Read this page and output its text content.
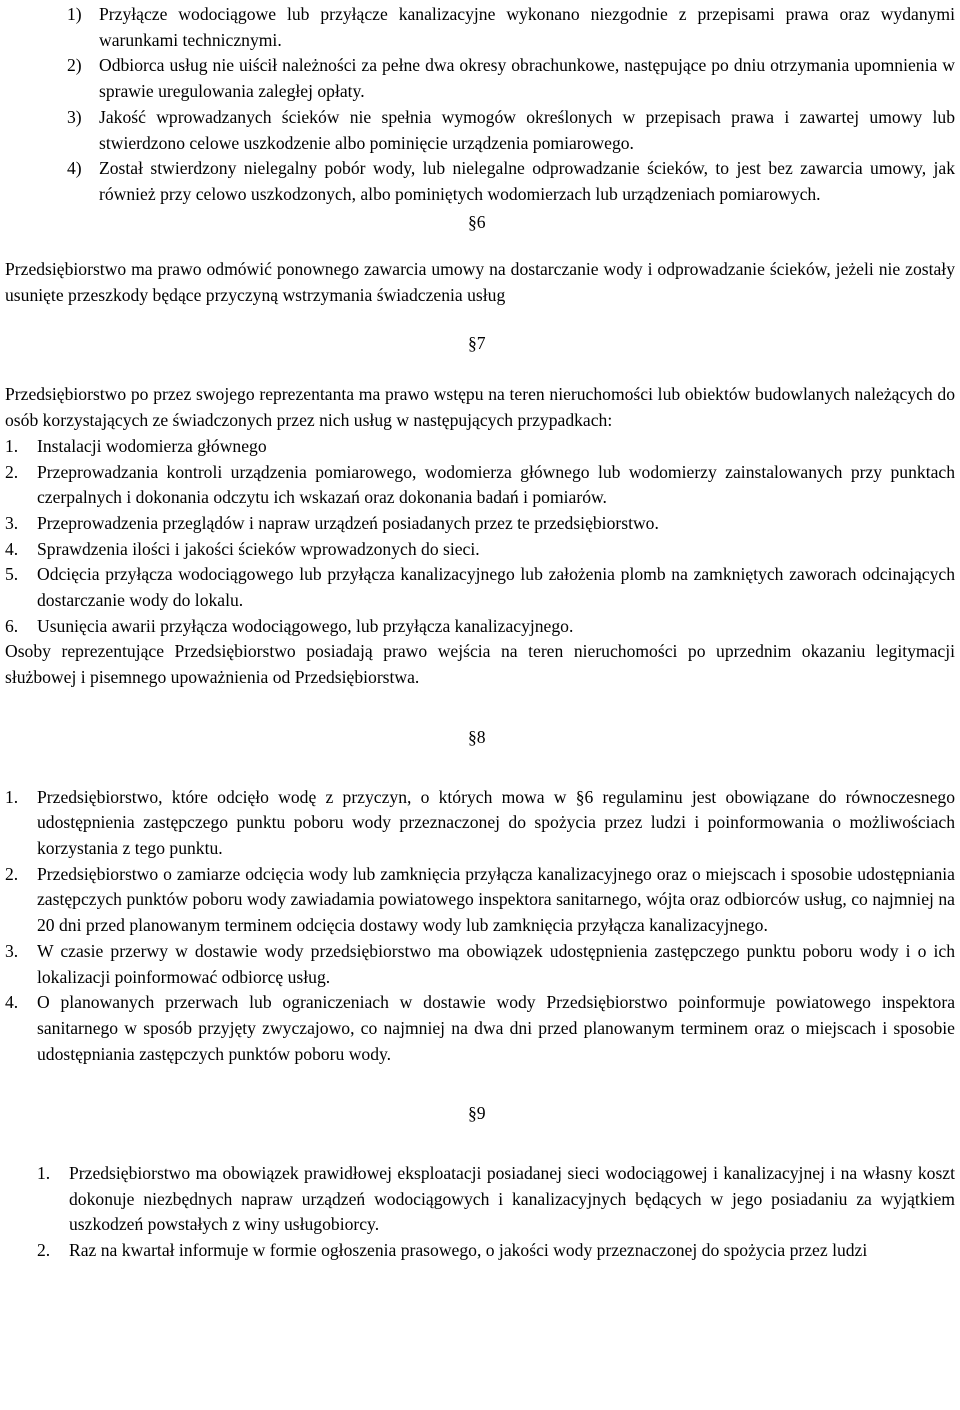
1) Przyłącze wodociągowe lub przyłącze kanalizacyjne wykonano niezgodnie z przepisami prawa oraz wydanymi warunkami technicznymi.
2) Odbiorca usług nie uiścił należności za pełne dwa okresy obrachunkowe, następujące po dniu otrzymania upomnienia w sprawie uregulowania zaległej opłaty.
3) Jakość wprowadzanych ścieków nie spełnia wymogów określonych w przepisach prawa i zawartej umowy lub stwierdzono celowe uszkodzenie albo pominięcie urządzenia pomiarowego.
4) Został stwierdzony nielegalny pobór wody, lub nielegalne odprowadzanie ścieków, to jest bez zawarcia umowy, jak również przy celowo uszkodzonych, albo pominiętych wodomierzach lub urządzeniach pomiarowych.
§6

Przedsiębiorstwo ma prawo odmówić ponownego zawarcia umowy na dostarczanie wody i odprowadzanie ścieków, jeżeli nie zostały usunięte przeszkody będące przyczyną wstrzymania świadczenia usług

§7

Przedsiębiorstwo po przez swojego reprezentanta ma prawo wstępu na teren nieruchomości lub obiektów budowlanych należących do osób korzystających ze świadczonych przez nich usług w następujących przypadkach:

1.	Instalacji wodomierza głównego
2.	Przeprowadzania kontroli urządzenia pomiarowego, wodomierza głównego lub wodomierzy zainstalowanych przy punktach czerpalnych i dokonania odczytu ich wskazań oraz dokonania badań i pomiarów.
3.	Przeprowadzenia przeglądów i napraw urządzeń posiadanych przez te przedsiębiorstwo.
4.	Sprawdzenia ilości i jakości ścieków wprowadzonych do sieci.
5.	Odcięcia przyłącza wodociągowego lub przyłącza kanalizacyjnego lub założenia plomb na zamkniętych zaworach odcinających dostarczanie wody do lokalu.
6.	Usunięcia awarii przyłącza wodociągowego, lub przyłącza kanalizacyjnego.

Osoby reprezentujące Przedsiębiorstwo posiadają prawo wejścia na teren nieruchomości po uprzednim okazaniu legitymacji służbowej i pisemnego upoważnienia od Przedsiębiorstwa.

§8
1.	Przedsiębiorstwo, które odcięło wodę z przyczyn, o których mowa w §6 regulaminu jest obowiązane do równoczesnego udostępnienia zastępczego punktu poboru wody przeznaczonej do spożycia przez ludzi i poinformowania o możliwościach korzystania z tego punktu.
2.	Przedsiębiorstwo o zamiarze odcięcia wody lub zamknięcia przyłącza kanalizacyjnego oraz o miejscach i sposobie udostępniania zastępczych punktów poboru wody zawiadamia powiatowego inspektora sanitarnego, wójta oraz odbiorców usług, co najmniej na 20 dni przed planowanym terminem odcięcia dostawy wody lub zamknięcia przyłącza kanalizacyjnego.
3.	W czasie przerwy w dostawie wody przedsiębiorstwo ma obowiązek udostępnienia zastępczego punktu poboru wody i o ich lokalizacji poinformować odbiorcę usług.
4.	O planowanych przerwach lub ograniczeniach w dostawie wody Przedsiębiorstwo poinformuje powiatowego inspektora sanitarnego w sposób przyjęty zwyczajowo, co najmniej na dwa dni przed planowanym terminem oraz o miejscach i sposobie udostępniania zastępczych punktów poboru wody.
§9
1.	Przedsiębiorstwo ma obowiązek prawidłowej eksploatacji posiadanej sieci wodociągowej i kanalizacyjnej i na własny koszt dokonuje niezbędnych napraw urządzeń wodociągowych i kanalizacyjnych będących w jego posiadaniu za wyjątkiem uszkodzeń powstałych z winy usługobiorcy.
2.	Raz na kwartał informuje w formie ogłoszenia prasowego, o jakości wody przeznaczonej do spożycia przez ludzi
